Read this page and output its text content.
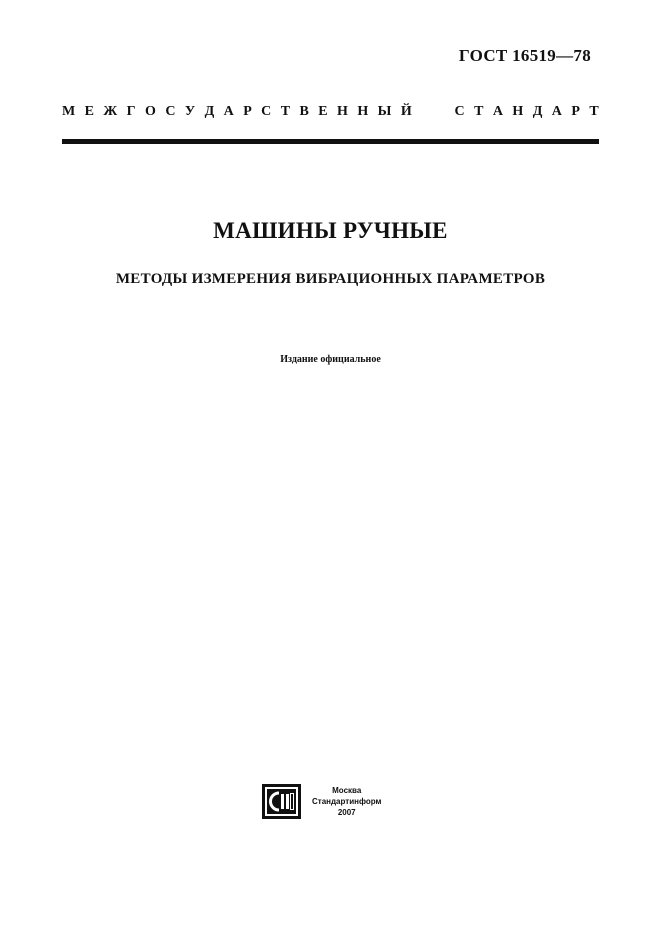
ГОСТ 16519—78
М Е Ж Г О С У Д А Р С Т В Е Н Н Ы Й	С Т А Н Д А Р Т
МАШИНЫ РУЧНЫЕ
МЕТОДЫ ИЗМЕРЕНИЯ ВИБРАЦИОННЫХ ПАРАМЕТРОВ
Издание официальное
Москва
Стандартинформ
2007
